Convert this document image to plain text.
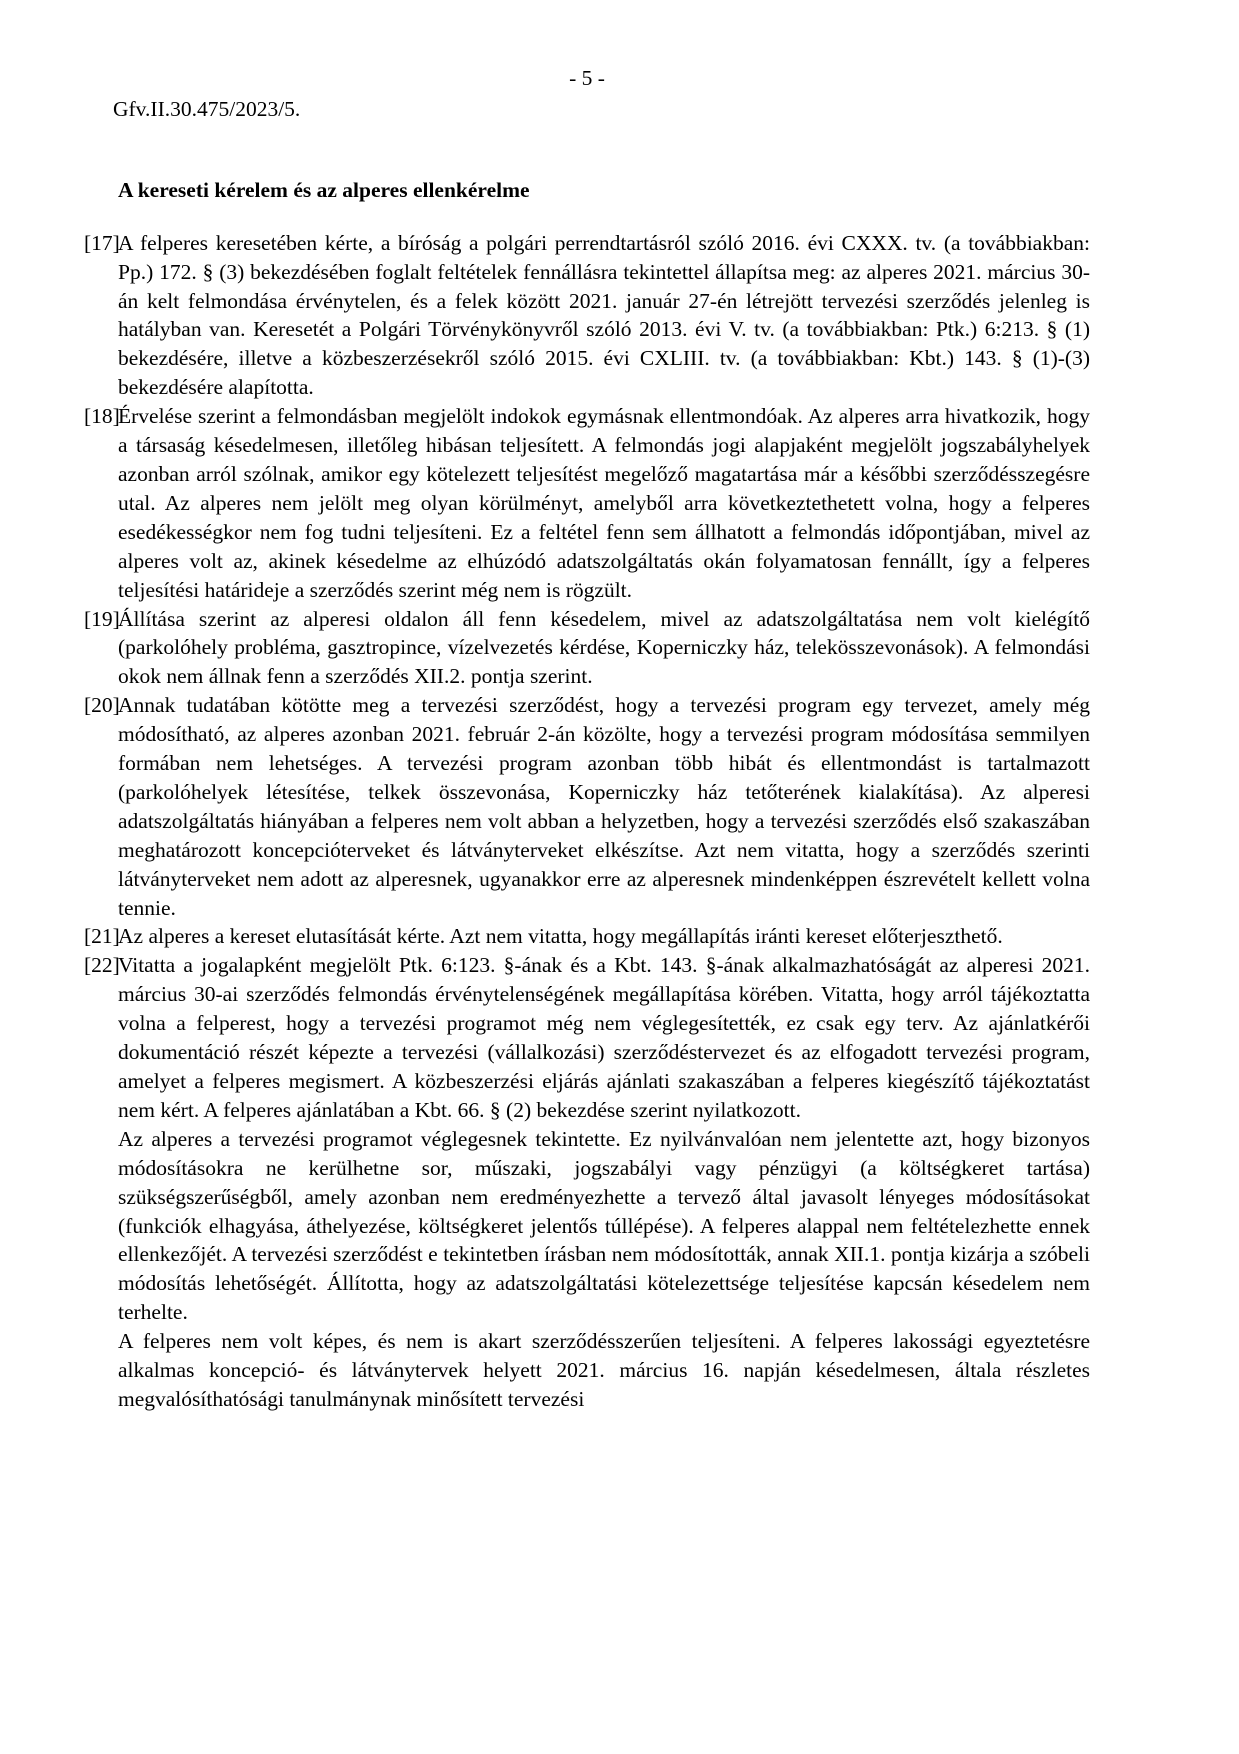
- 5 -
Gfv.II.30.475/2023/5.
A kereseti kérelem és az alperes ellenkérelme

[17]
A felperes keresetében kérte, a bíróság a polgári perrendtartásról szóló 2016. évi CXXX. tv. (a továbbiakban: Pp.) 172. § (3) bekezdésében foglalt feltételek fennállásra tekintettel állapítsa meg: az alperes 2021. március 30-án kelt felmondása érvénytelen, és a felek között 2021. január 27-én létrejött tervezési szerződés jelenleg is hatályban van. Keresetét a Polgári Törvénykönyvről szóló 2013. évi V. tv. (a továbbiakban: Ptk.) 6:213. § (1) bekezdésére, illetve a közbeszerzésekről szóló 2015. évi CXLIII. tv. (a továbbiakban: Kbt.) 143. § (1)-(3) bekezdésére alapította.

[18]
Érvelése szerint a felmondásban megjelölt indokok egymásnak ellentmondóak. Az alperes arra hivatkozik, hogy a társaság késedelmesen, illetőleg hibásan teljesített. A felmondás jogi alapjaként megjelölt jogszabályhelyek azonban arról szólnak, amikor egy kötelezett teljesítést megelőző magatartása már a későbbi szerződésszegésre utal. Az alperes nem jelölt meg olyan körülményt, amelyből arra következtethetett volna, hogy a felperes esedékességkor nem fog tudni teljesíteni. Ez a feltétel fenn sem állhatott a felmondás időpontjában, mivel az alperes volt az, akinek késedelme az elhúzódó adatszolgáltatás okán folyamatosan fennállt, így a felperes teljesítési határideje a szerződés szerint még nem is rögzült.

[19]
Állítása szerint az alperesi oldalon áll fenn késedelem, mivel az adatszolgáltatása nem volt kielégítő (parkolóhely probléma, gasztropince, vízelvezetés kérdése, Koperniczky ház, telekösszevonások). A felmondási okok nem állnak fenn a szerződés XII.2. pontja szerint.

[20]
Annak tudatában kötötte meg a tervezési szerződést, hogy a tervezési program egy tervezet, amely még módosítható, az alperes azonban 2021. február 2-án közölte, hogy a tervezési program módosítása semmilyen formában nem lehetséges. A tervezési program azonban több hibát és ellentmondást is tartalmazott (parkolóhelyek létesítése, telkek összevonása, Koperniczky ház tetőterének kialakítása). Az alperesi adatszolgáltatás hiányában a felperes nem volt abban a helyzetben, hogy a tervezési szerződés első szakaszában meghatározott koncepcióterveket és látványterveket elkészítse. Azt nem vitatta, hogy a szerződés szerinti látványterveket nem adott az alperesnek, ugyanakkor erre az alperesnek mindenképpen észrevételt kellett volna tennie.

[21]
Az alperes a kereset elutasítását kérte. Azt nem vitatta, hogy megállapítás iránti kereset előterjeszthető.

[22]
Vitatta a jogalapként megjelölt Ptk. 6:123. §-ának és a Kbt. 143. §-ának alkalmazhatóságát az alperesi 2021. március 30-ai szerződés felmondás érvénytelenségének megállapítása körében. Vitatta, hogy arról tájékoztatta volna a felperest, hogy a tervezési programot még nem véglegesítették, ez csak egy terv. Az ajánlatkérői dokumentáció részét képezte a tervezési (vállalkozási) szerződéstervezet és az elfogadott tervezési program, amelyet a felperes megismert. A közbeszerzési eljárás ajánlati szakaszában a felperes kiegészítő tájékoztatást nem kért. A felperes ajánlatában a Kbt. 66. § (2) bekezdése szerint nyilatkozott.

Az alperes a tervezési programot véglegesnek tekintette. Ez nyilvánvalóan nem jelentette azt, hogy bizonyos módosításokra ne kerülhetne sor, műszaki, jogszabályi vagy pénzügyi (a költségkeret tartása) szükségszerűségből, amely azonban nem eredményezhette a tervező által javasolt lényeges módosításokat (funkciók elhagyása, áthelyezése, költségkeret jelentős túllépése). A felperes alappal nem feltételezhette ennek ellenkezőjét. A tervezési szerződést e tekintetben írásban nem módosították, annak XII.1. pontja kizárja a szóbeli módosítás lehetőségét. Állította, hogy az adatszolgáltatási kötelezettsége teljesítése kapcsán késedelem nem terhelte.

A felperes nem volt képes, és nem is akart szerződésszerűen teljesíteni. A felperes lakossági egyeztetésre alkalmas koncepció- és látványtervek helyett 2021. március 16. napján késedelmesen, általa részletes megvalósíthatósági tanulmánynak minősített tervezési
